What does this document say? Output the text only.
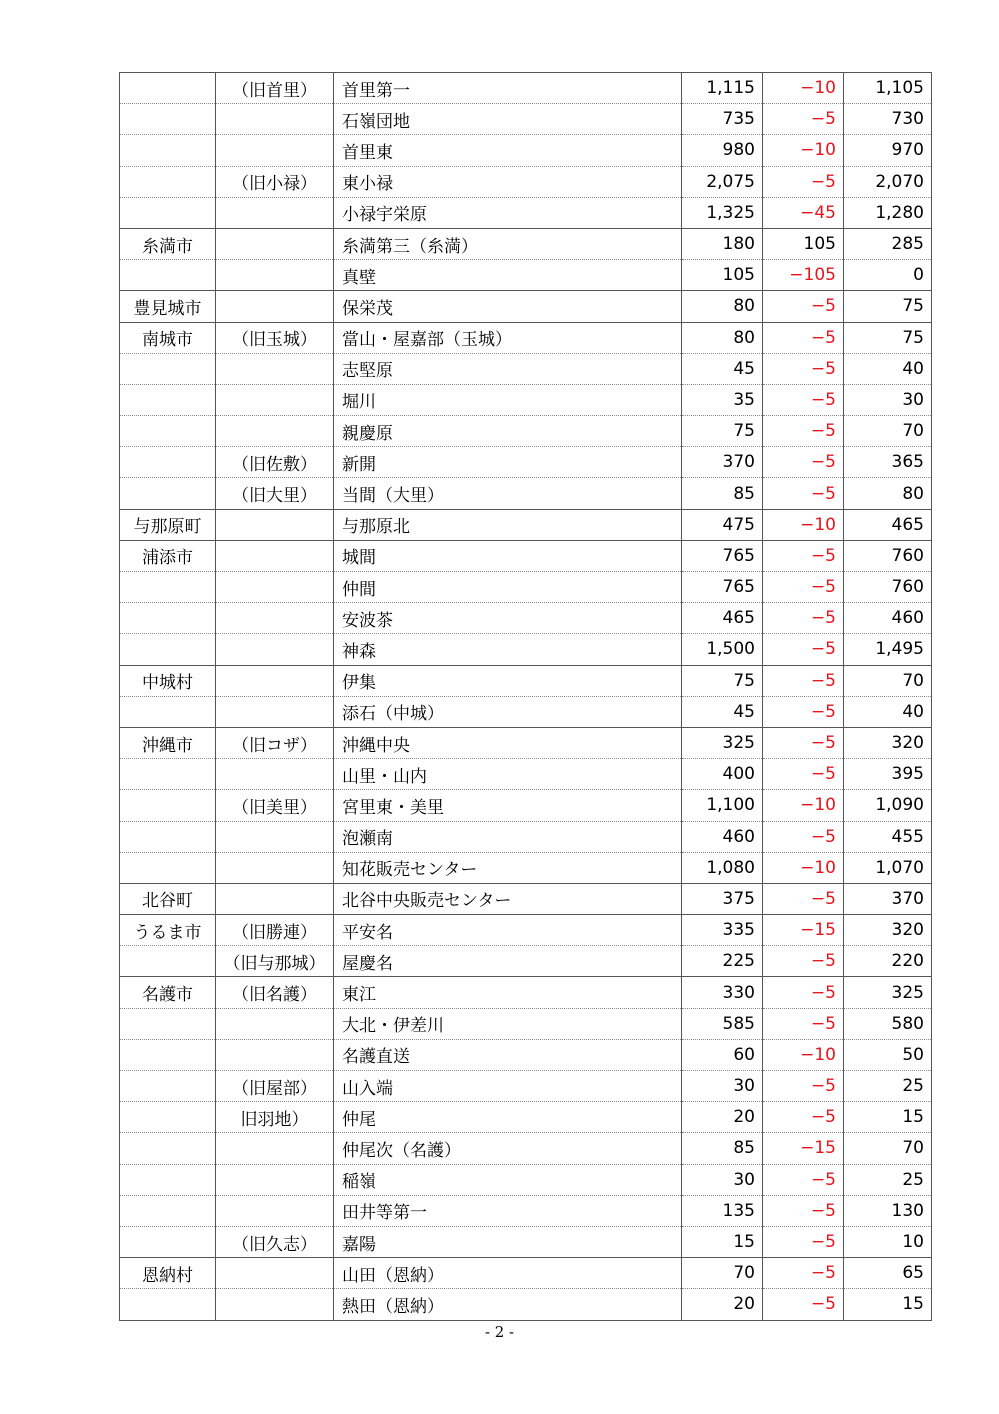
	（旧首里）	首里第一	1,115	−10	1,105
		石嶺団地	735	−5	730
		首里東	980	−10	970
	（旧小禄）	東小禄	2,075	−5	2,070
		小禄宇栄原	1,325	−45	1,280
糸満市		糸満第三（糸満）	180	105	285
		真壁	105	−105	0
豊見城市		保栄茂	80	−5	75
南城市	（旧玉城）	當山・屋嘉部（玉城）	80	−5	75
		志堅原	45	−5	40
		堀川	35	−5	30
		親慶原	75	−5	70
	（旧佐敷）	新開	370	−5	365
	（旧大里）	当間（大里）	85	−5	80
与那原町		与那原北	475	−10	465
浦添市		城間	765	−5	760
		仲間	765	−5	760
		安波茶	465	−5	460
		神森	1,500	−5	1,495
中城村		伊集	75	−5	70
		添石（中城）	45	−5	40
沖縄市	（旧コザ）	沖縄中央	325	−5	320
		山里・山内	400	−5	395
	（旧美里）	宮里東・美里	1,100	−10	1,090
		泡瀬南	460	−5	455
		知花販売センター	1,080	−10	1,070
北谷町		北谷中央販売センター	375	−5	370
うるま市	（旧勝連）	平安名	335	−15	320
	（旧与那城）	屋慶名	225	−5	220
名護市	（旧名護）	東江	330	−5	325
		大北・伊差川	585	−5	580
		名護直送	60	−10	50
	（旧屋部）	山入端	30	−5	25
	旧羽地）	仲尾	20	−5	15
		仲尾次（名護）	85	−15	70
		稲嶺	30	−5	25
		田井等第一	135	−5	130
	（旧久志）	嘉陽	15	−5	10
恩納村		山田（恩納）	70	−5	65
		熱田（恩納）	20	−5	15
- 2 -
